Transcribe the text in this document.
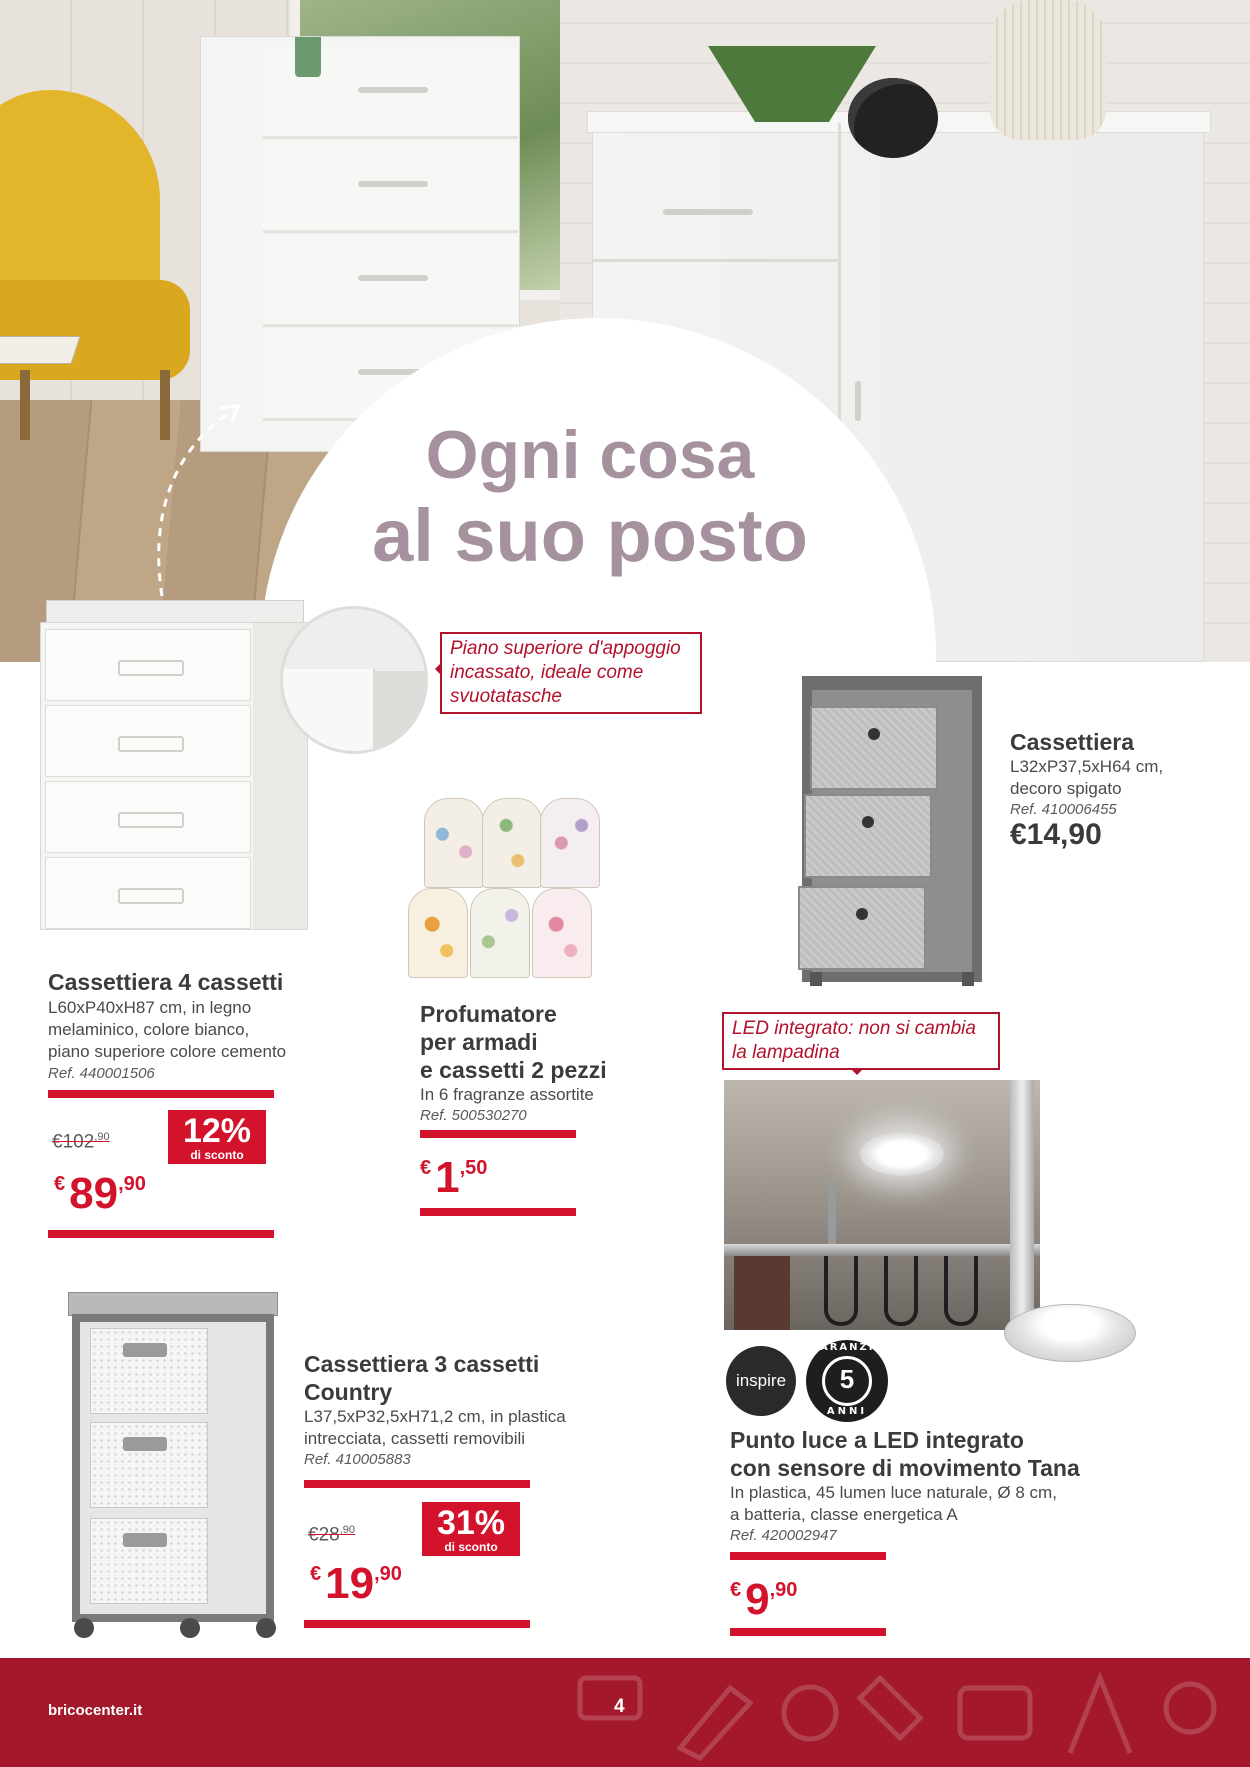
Ogni cosa
al suo posto
Piano superiore d'appoggio incassato, ideale come svuotatasche
Cassettiera 4 cassetti
L60xP40xH87 cm, in legno
melaminico, colore bianco,
piano superiore colore cemento
Ref. 440001506
$€102^{,90}$	12%
di sconto
€89,90
Profumatore
per armadi
e cassetti 2 pezzi
In 6 fragranze assortite
Ref. 500530270
€1,50
Cassettiera
L32xP37,5xH64 cm,
decoro spigato
Ref. 410006455
€14,90
Cassettiera 3 cassetti
Country
L37,5xP32,5xH71,2 cm, in plastica
intrecciata, cassetti removibili
Ref. 410005883
$€28^{,90}$	31%
di sconto
€19,90
LED integrato: non si cambia la lampadina
inspire
GARANZIA
5
ANNI
Punto luce a LED integrato
con sensore di movimento Tana
In plastica, 45 lumen luce naturale, Ø 8 cm,
a batteria, classe energetica A
Ref. 420002947
€9,90
bricocenter.it	4
